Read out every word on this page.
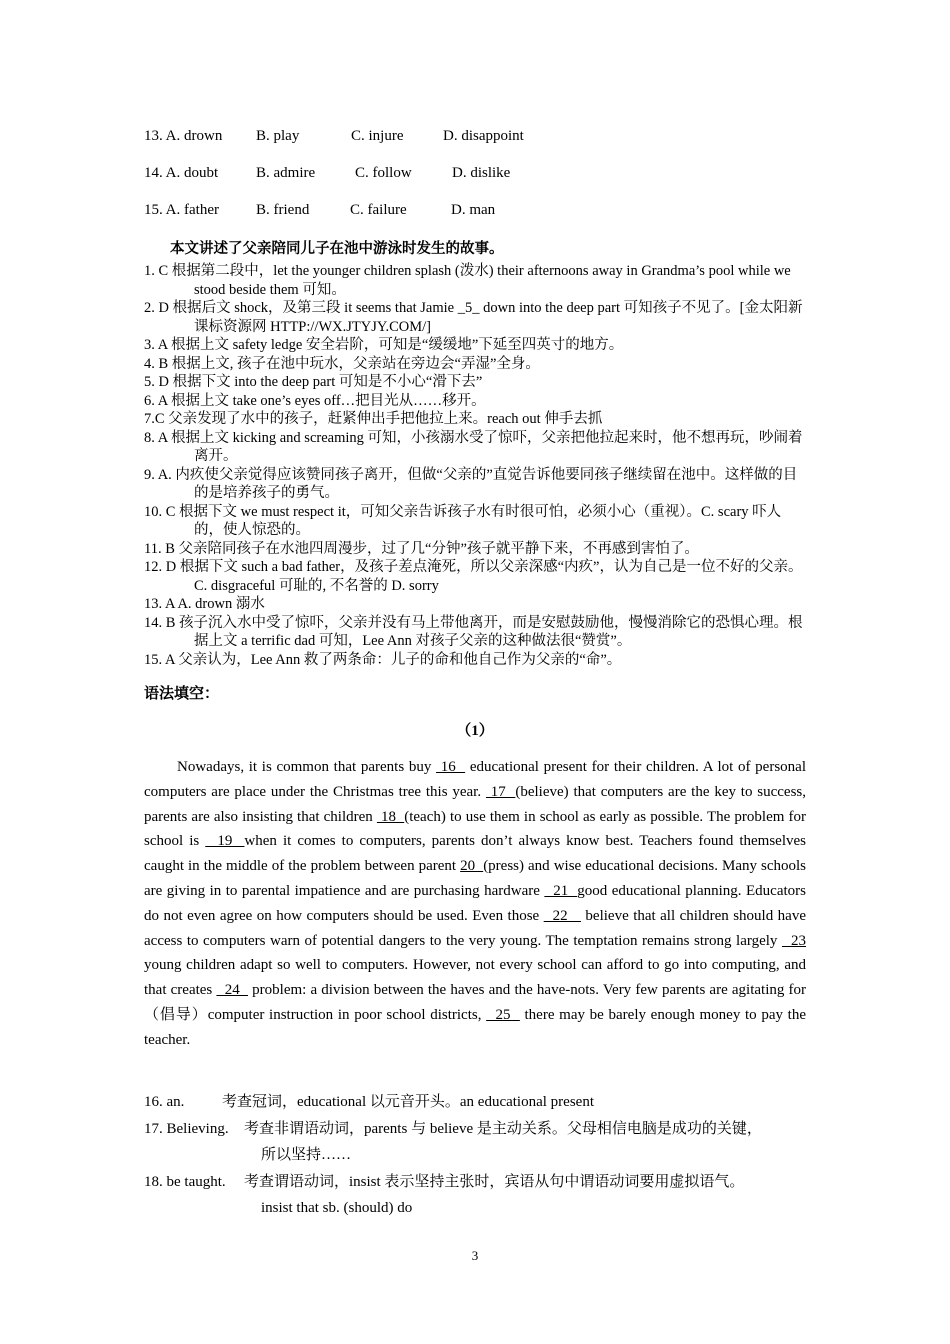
13. A. drown B. play	C. injure	D. disappoint
14. A. doubt	B. admire	C. follow	D. dislike
15. A. father B. friend	C. failure	D. man
本文讲述了父亲陪同儿子在池中游泳时发生的故事。
1. C 根据第二段中，let the younger children splash (泼水) their afternoons away in Grandma’s pool while we stood beside them 可知。
2. D 根据后文 shock，及第三段 it seems that Jamie _5_ down into the deep part 可知孩子不见了。[金太阳新课标资源网 HTTP://WX.JTYJY.COM/]
3. A 根据上文 safety ledge 安全岩阶，可知是“缓缓地”下延至四英寸的地方。
4. B 根据上文, 孩子在池中玩水，父亲站在旁边会“弄湿”全身。
5. D 根据下文 into the deep part 可知是不小心“滑下去”
6. A 根据上文 take one’s eyes off…把目光从……移开。
7.C 父亲发现了水中的孩子，赶紧伸出手把他拉上来。reach out 伸手去抓
8. A 根据上文 kicking and screaming 可知，小孩溺水受了惊吓，父亲把他拉起来时，他不想再玩，吵闹着离开。
9. A. 内疚使父亲觉得应该赞同孩子离开，但做“父亲的”直觉告诉他要同孩子继续留在池中。这样做的目的是培养孩子的勇气。
10. C 根据下文 we must respect it，可知父亲告诉孩子水有时很可怕，必须小心（重视）。C. scary 吓人的，使人惊恐的。
11. B 父亲陪同孩子在水池四周漫步，过了几“分钟”孩子就平静下来，不再感到害怕了。
12. D 根据下文 such a bad father，及孩子差点淹死，所以父亲深感“内疚”，认为自己是一位不好的父亲。C. disgraceful 可耻的, 不名誉的 D. sorry
13. A A. drown 溺水
14. B 孩子沉入水中受了惊吓，父亲并没有马上带他离开，而是安慰鼓励他，慢慢消除它的恐惧心理。根据上文 a terrific dad 可知，Lee Ann 对孩子父亲的这种做法很“赞赏”。
15. A 父亲认为，Lee Ann 救了两条命：儿子的命和他自己作为父亲的“命”。
语法填空：
（1）

Nowadays, it is common that parents buy  16   educational present for their children. A lot of personal computers are place under the Christmas tree this year.  17  (believe) that computers are the key to success, parents are also insisting that children  18  (teach) to use them in school as early as possible. The problem for school is   19  when it comes to computers, parents don’t always know best. Teachers found themselves caught in the middle of the problem between parent 20  (press) and wise educational decisions. Many schools are giving in to parental impatience and are purchasing hardware   21  good educational planning. Educators do not even agree on how computers should be used. Even those   22    believe that all children should have access to computers warn of potential dangers to the very young. The temptation remains strong largely   23 young children adapt so well to computers. However, not every school can afford to go into computing, and that creates   24   problem: a division between the haves and the have-nots. Very few parents are agitating for（倡导）computer instruction in poor school districts,   25   there may be barely enough money to pay the teacher.

16. an.	考查冠词，educational 以元音开头。an educational present
17. Believing. 考查非谓语动词，parents 与 believe 是主动关系。父母相信电脑是成功的关键，
所以坚持……
18. be taught. 考查谓语动词，insist 表示坚持主张时，宾语从句中谓语动词要用虚拟语气。
insist that sb. (should) do
3
